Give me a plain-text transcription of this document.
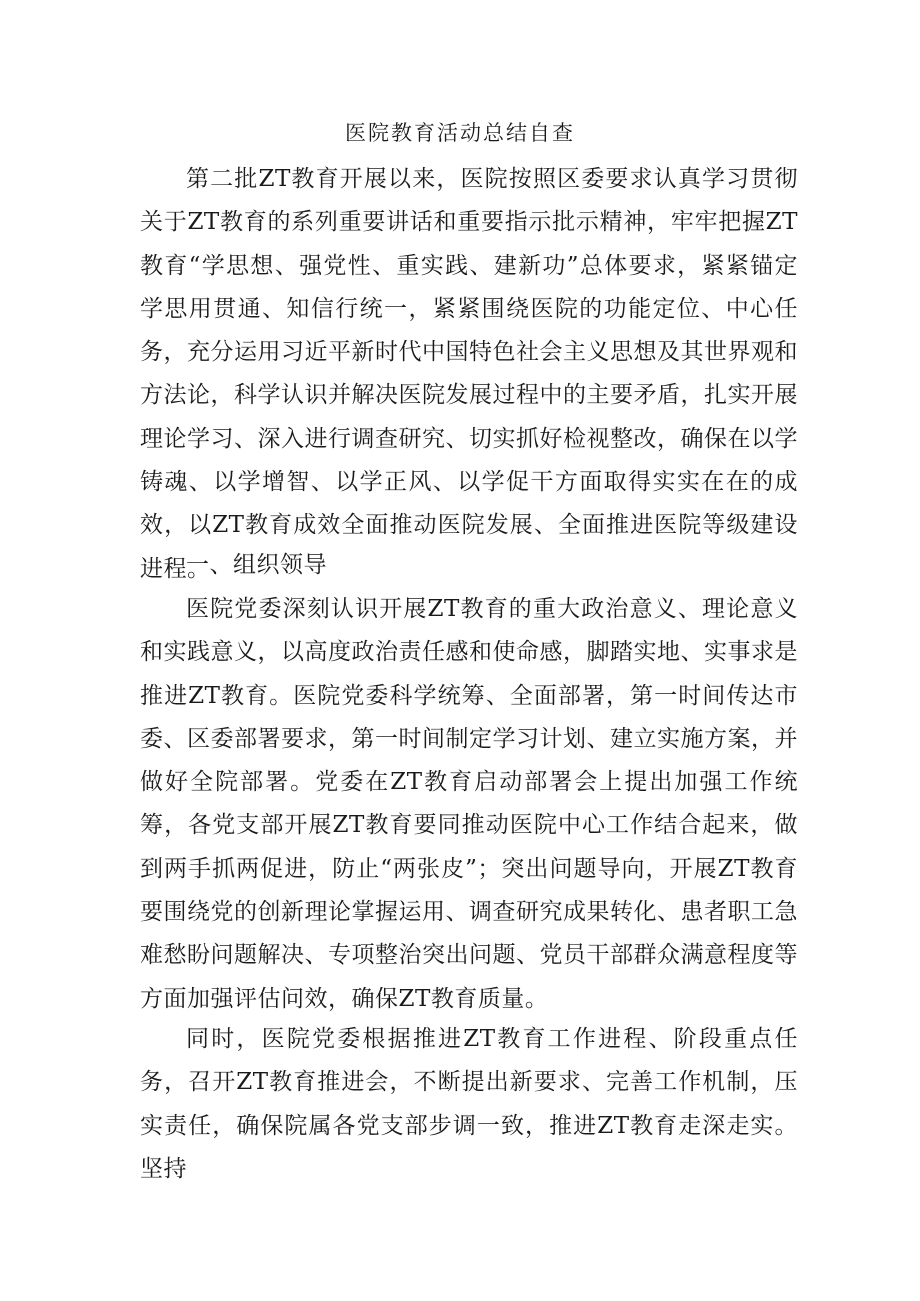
医院教育活动总结自查

第二批ZT教育开展以来，医院按照区委要求认真学习贯彻关于ZT教育的系列重要讲话和重要指示批示精神，牢牢把握ZT教育“学思想、强党性、重实践、建新功”总体要求，紧紧锚定学思用贯通、知信行统一，紧紧围绕医院的功能定位、中心任务，充分运用习近平新时代中国特色社会主义思想及其世界观和方法论，科学认识并解决医院发展过程中的主要矛盾，扎实开展理论学习、深入进行调查研究、切实抓好检视整改，确保在以学铸魂、以学增智、以学正风、以学促干方面取得实实在在的成效，以ZT教育成效全面推动医院发展、全面推进医院等级建设进程。

一、组织领导

医院党委深刻认识开展ZT教育的重大政治意义、理论意义和实践意义，以高度政治责任感和使命感，脚踏实地、实事求是推进ZT教育。医院党委科学统筹、全面部署，第一时间传达市委、区委部署要求，第一时间制定学习计划、建立实施方案，并做好全院部署。党委在ZT教育启动部署会上提出加强工作统筹，各党支部开展ZT教育要同推动医院中心工作结合起来，做到两手抓两促进，防止“两张皮”；突出问题导向，开展ZT教育要围绕党的创新理论掌握运用、调查研究成果转化、患者职工急难愁盼问题解决、专项整治突出问题、党员干部群众满意程度等方面加强评估问效，确保ZT教育质量。

同时，医院党委根据推进ZT教育工作进程、阶段重点任务，召开ZT教育推进会，不断提出新要求、完善工作机制，压实责任，确保院属各党支部步调一致，推进ZT教育走深走实。坚持
